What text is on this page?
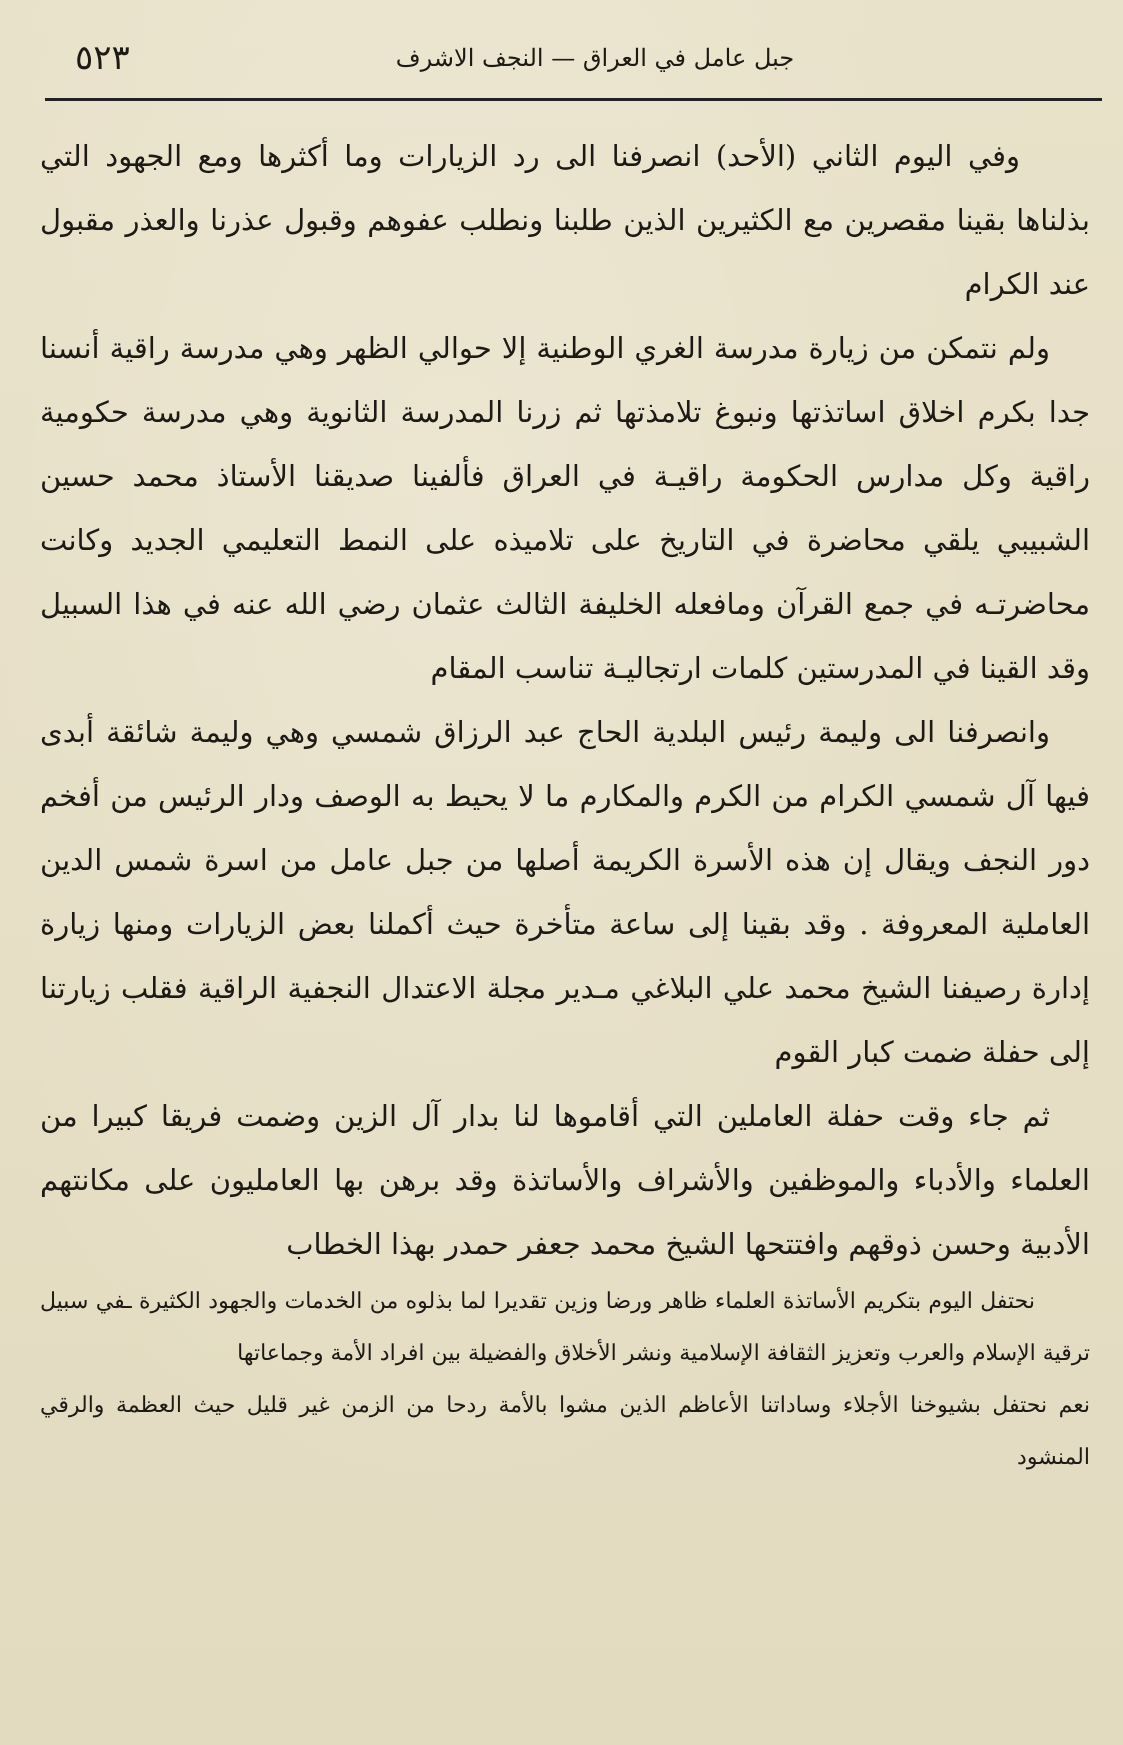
٥٢٣	جبل عامل في العراق — النجف الاشرف

وفي اليوم الثاني (الأحد) انصرفنا الى رد الزيارات وما أكثرها ومع الجهود التي بذلناها بقينا مقصرين مع الكثيرين الذين طلبنا ونطلب عفوهم وقبول عذرنا والعذر مقبول عند الكرام

ولم نتمكن من زيارة مدرسة الغري الوطنية إلا حوالي الظهر وهي مدرسة راقية أنسنا جدا بكرم اخلاق اساتذتها ونبوغ تلامذتها ثم زرنا المدرسة الثانوية وهي مدرسة حكومية راقية وكل مدارس الحكومة راقيـة في العراق فألفينا صديقنا الأستاذ محمد حسين الشبيبي يلقي محاضرة في التاريخ على تلاميذه على النمط التعليمي الجديد وكانت محاضرتـه في جمع القرآن ومافعله الخليفة الثالث عثمان رضي الله عنه في هذا السبيل وقد القينا في المدرستين كلمات ارتجاليـة تناسب المقام

وانصرفنا الى وليمة رئيس البلدية الحاج عبد الرزاق شمسي وهي وليمة شائقة أبدى فيها آل شمسي الكرام من الكرم والمكارم ما لا يحيط به الوصف ودار الرئيس من أفخم دور النجف ويقال إن هذه الأسرة الكريمة أصلها من جبل عامل من اسرة شمس الدين العاملية المعروفة . وقد بقينا إلى ساعة متأخرة حيث أكملنا بعض الزيارات ومنها زيارة إدارة رصيفنا الشيخ محمد علي البلاغي مـدير مجلة الاعتدال النجفية الراقية فقلب زيارتنا إلى حفلة ضمت كبار القوم

ثم جاء وقت حفلة العاملين التي أقاموها لنا بدار آل الزين وضمت فريقا كبيرا من العلماء والأدباء والموظفين والأشراف والأساتذة وقد برهن بها العامليون على مكانتهم الأدبية وحسن ذوقهم وافتتحها الشيخ محمد جعفر حمدر بهذا الخطاب

نحتفل اليوم بتكريم الأساتذة العلماء ظاهر ورضا وزين تقديرا لما بذلوه من الخدمات والجهود الكثيرة ـفي سبيل ترقية الإسلام والعرب وتعزيز الثقافة الإسلامية ونشر الأخلاق والفضيلة بين افراد الأمة وجماعاتها

نعم نحتفل بشيوخنا الأجلاء وساداتنا الأعاظم الذين مشوا بالأمة ردحا من الزمن غير قليل حيث العظمة والرقي المنشود
